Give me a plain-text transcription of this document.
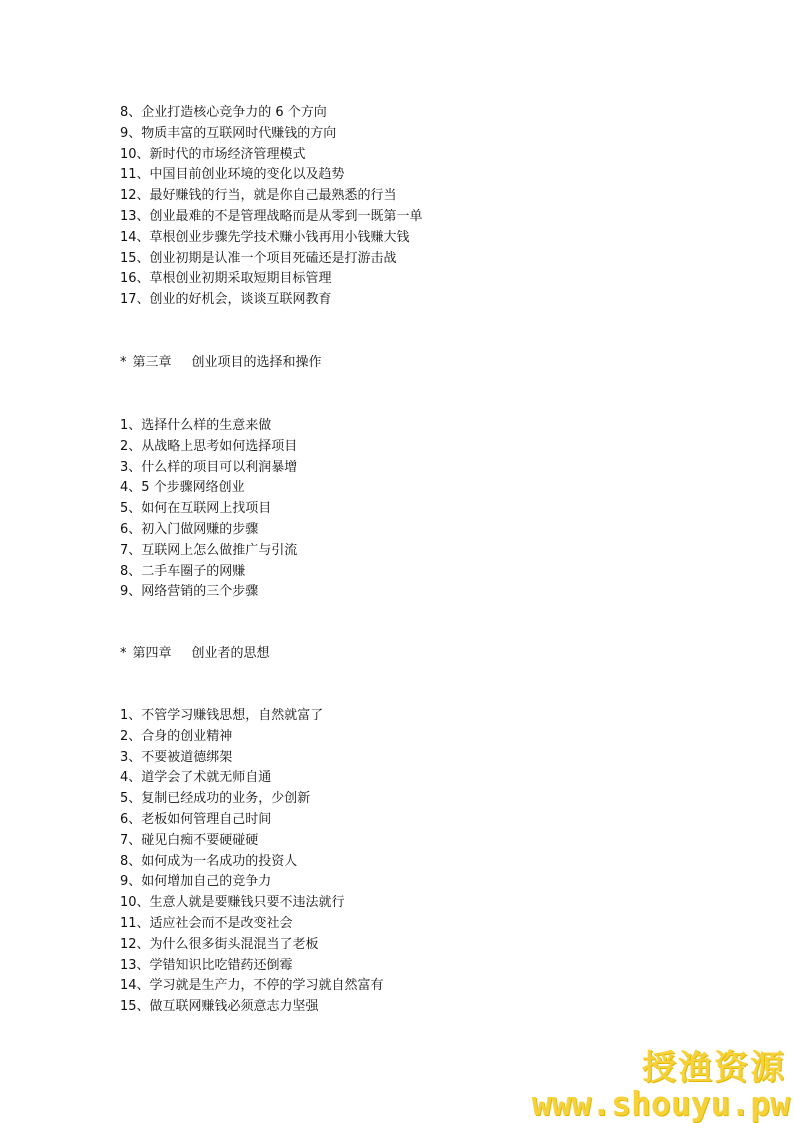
8、企业打造核心竞争力的 6 个方向
9、物质丰富的互联网时代赚钱的方向
10、新时代的市场经济管理模式
11、中国目前创业环境的变化以及趋势
12、最好赚钱的行当，就是你自己最熟悉的行当
13、创业最难的不是管理战略而是从零到一既第一单
14、草根创业步骤先学技术赚小钱再用小钱赚大钱
15、创业初期是认准一个项目死磕还是打游击战
16、草根创业初期采取短期目标管理
17、创业的好机会，谈谈互联网教育
* 第三章 创业项目的选择和操作
1、选择什么样的生意来做
2、从战略上思考如何选择项目
3、什么样的项目可以利润暴增
4、5 个步骤网络创业
5、如何在互联网上找项目
6、初入门做网赚的步骤
7、互联网上怎么做推广与引流
8、二手车圈子的网赚
9、网络营销的三个步骤
* 第四章 创业者的思想
1、不管学习赚钱思想，自然就富了
2、合身的创业精神
3、不要被道德绑架
4、道学会了术就无师自通
5、复制已经成功的业务，少创新
6、老板如何管理自己时间
7、碰见白痴不要硬碰硬
8、如何成为一名成功的投资人
9、如何增加自己的竞争力
10、生意人就是要赚钱只要不违法就行
11、适应社会而不是改变社会
12、为什么很多街头混混当了老板
13、学错知识比吃错药还倒霉
14、学习就是生产力，不停的学习就自然富有
15、做互联网赚钱必须意志力坚强
授渔资源
www.shouyu.pw
